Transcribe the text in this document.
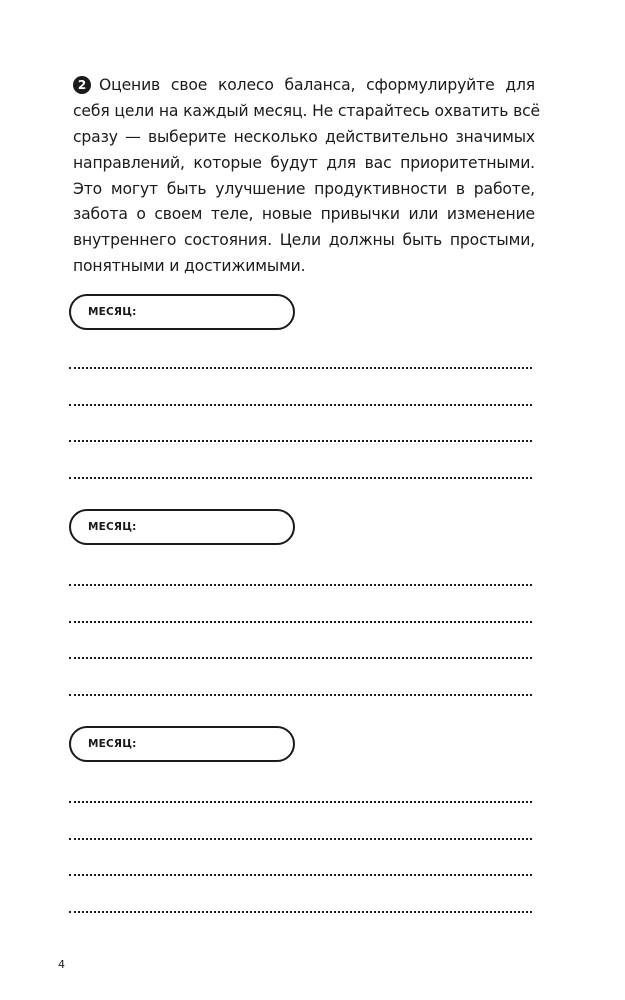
2 Оценив свое колесо баланса, сформулируйте для
себя цели на каждый месяц. Не старайтесь охватить всё
сразу — выберите несколько действительно значимых
направлений, которые будут для вас приоритетными.
Это могут быть улучшение продуктивности в работе,
забота о своем теле, новые привычки или изменение
внутреннего состояния. Цели должны быть простыми,
понятными и достижимыми.
МЕСЯЦ:
МЕСЯЦ:
МЕСЯЦ:
4
